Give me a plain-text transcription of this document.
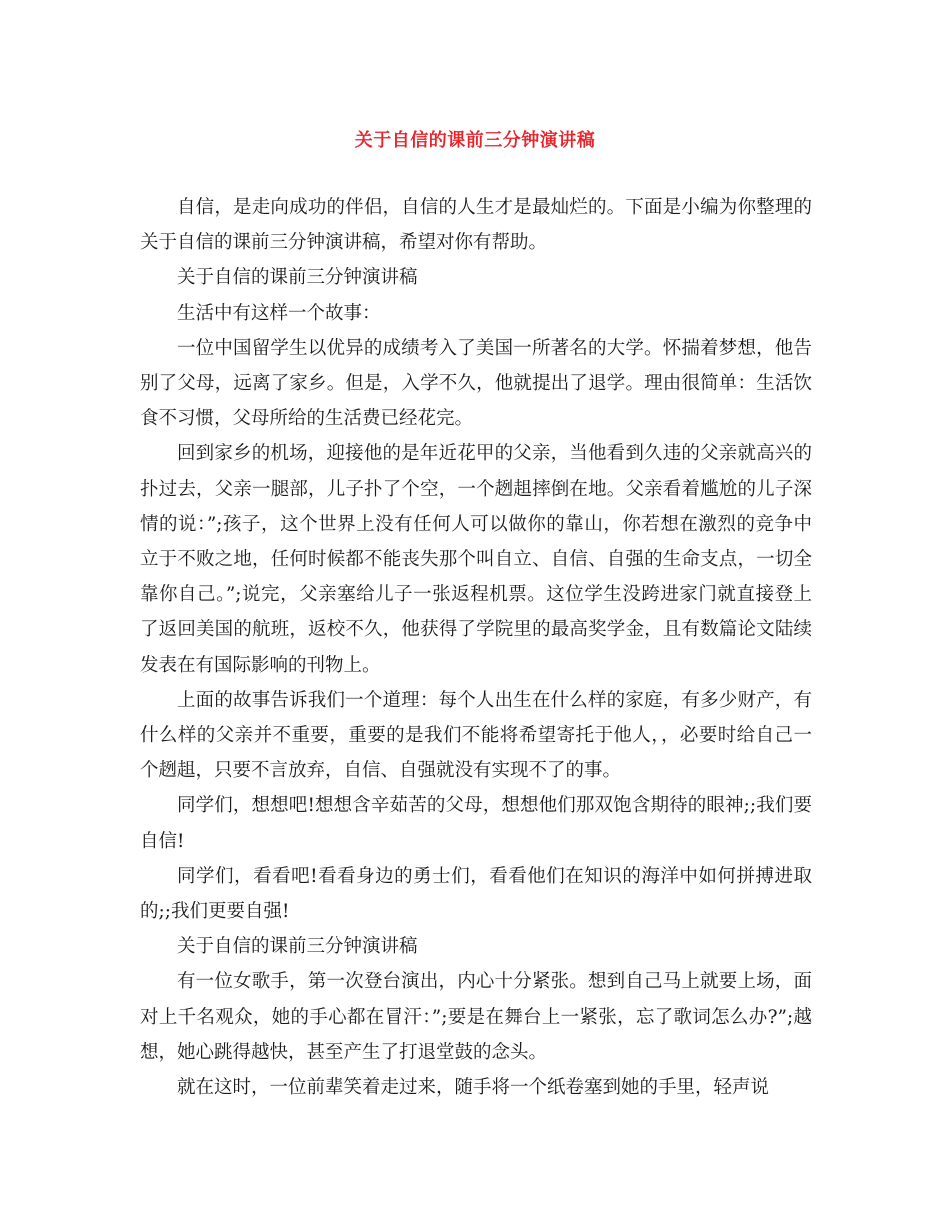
关于自信的课前三分钟演讲稿

自信，是走向成功的伴侣，自信的人生才是最灿烂的。下面是小编为你整理的关于自信的课前三分钟演讲稿，希望对你有帮助。

关于自信的课前三分钟演讲稿

生活中有这样一个故事：

一位中国留学生以优异的成绩考入了美国一所著名的大学。怀揣着梦想，他告别了父母，远离了家乡。但是，入学不久，他就提出了退学。理由很简单：生活饮食不习惯，父母所给的生活费已经花完。

回到家乡的机场，迎接他的是年近花甲的父亲，当他看到久违的父亲就高兴的扑过去，父亲一腿部，儿子扑了个空，一个趔趄摔倒在地。父亲看着尴尬的儿子深情的说：”;孩子，这个世界上没有任何人可以做你的靠山，你若想在激烈的竞争中立于不败之地，任何时候都不能丧失那个叫自立、自信、自强的生命支点，一切全靠你自己。”;说完，父亲塞给儿子一张返程机票。这位学生没跨进家门就直接登上了返回美国的航班，返校不久，他获得了学院里的最高奖学金，且有数篇论文陆续发表在有国际影响的刊物上。

上面的故事告诉我们一个道理：每个人出生在什么样的家庭，有多少财产，有什么样的父亲并不重要，重要的是我们不能将希望寄托于他人，，必要时给自己一个趔趄，只要不言放弃，自信、自强就没有实现不了的事。

同学们，想想吧!想想含辛茹苦的父母，想想他们那双饱含期待的眼神;;我们要自信!

同学们，看看吧!看看身边的勇士们，看看他们在知识的海洋中如何拼搏进取的;;我们更要自强!

关于自信的课前三分钟演讲稿

有一位女歌手，第一次登台演出，内心十分紧张。想到自己马上就要上场，面对上千名观众，她的手心都在冒汗：”;要是在舞台上一紧张，忘了歌词怎么办?”;越想，她心跳得越快，甚至产生了打退堂鼓的念头。

就在这时，一位前辈笑着走过来，随手将一个纸卷塞到她的手里，轻声说
